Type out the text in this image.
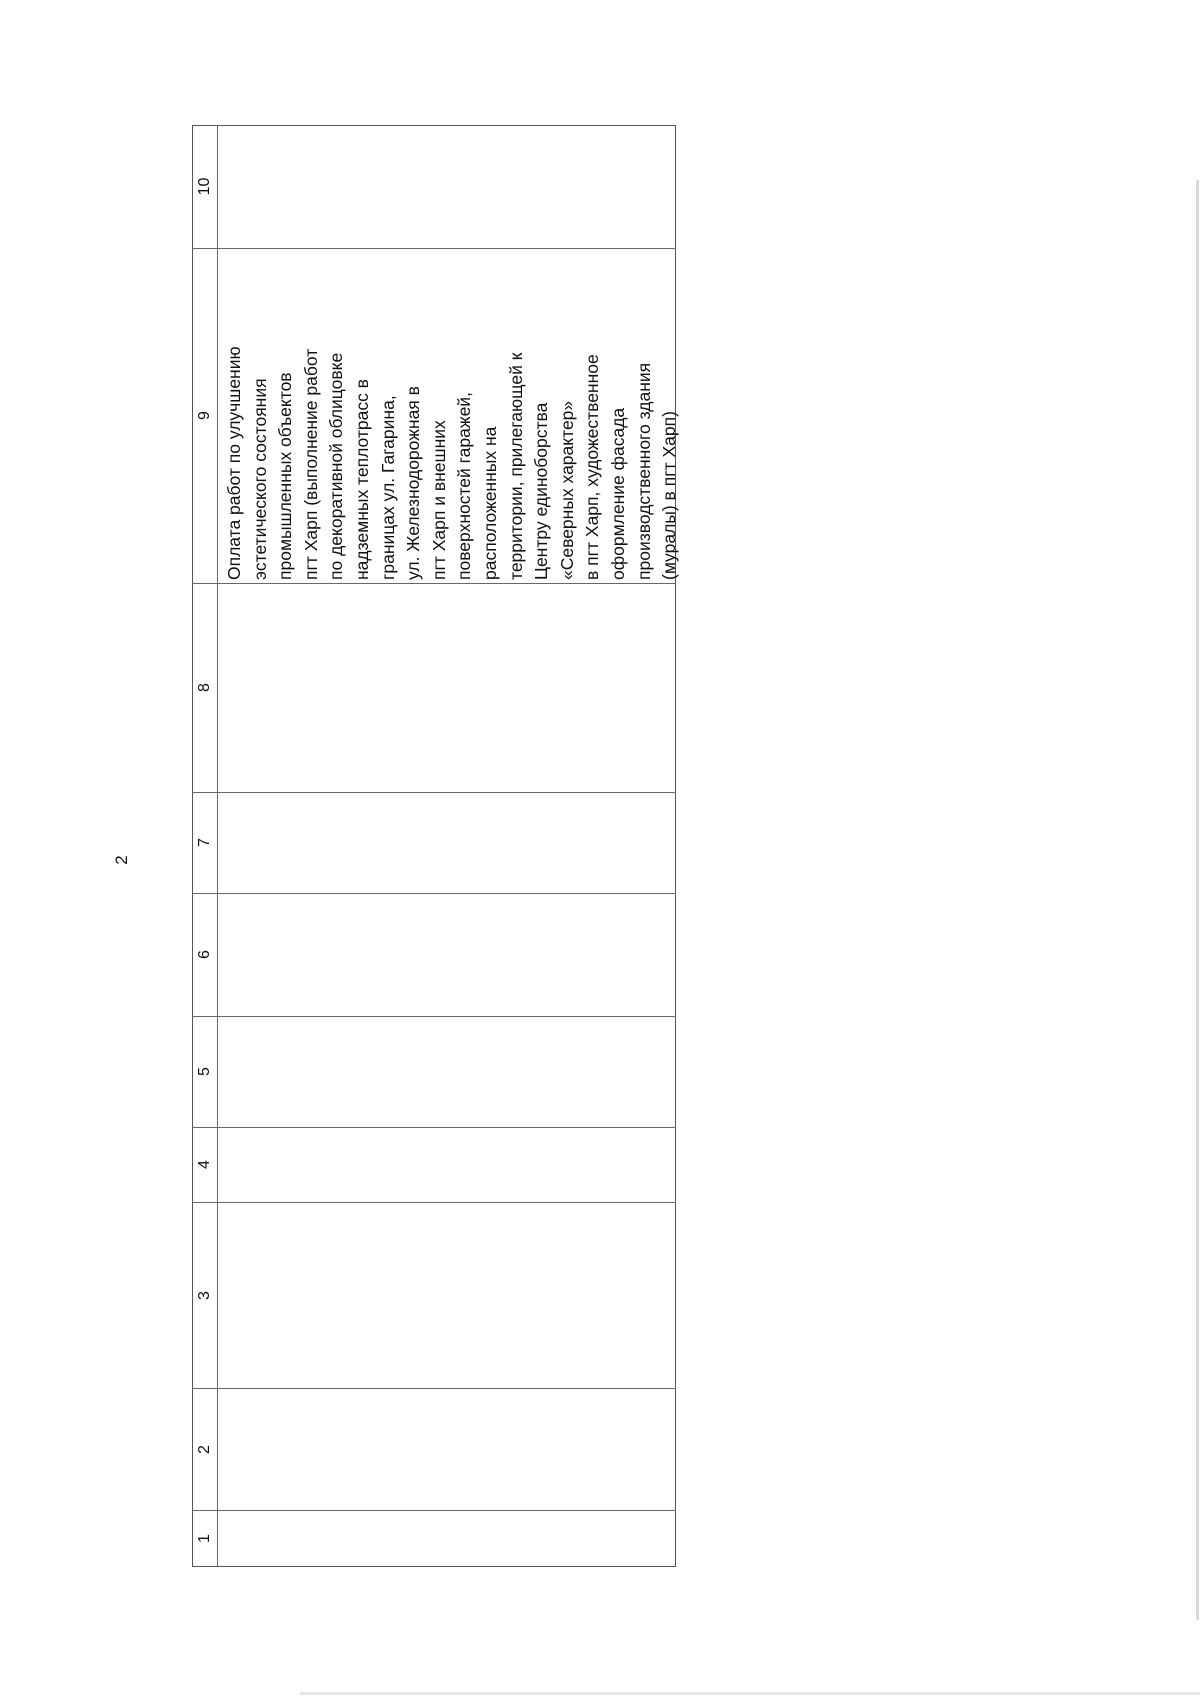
2
10
9
8
7
6
5
4
3
2
1
Оплата работ по улучшению эстетического состояния промышленных объектов пгт Харп (выполнение работ по декоративной облицовке надземных теплотрасс в границах ул. Гагарина, ул. Железнодорожная в пгт Харп и внешних поверхностей гаражей, расположенных на территории, прилегающей к Центру единоборства «Северных характер» в пгт Харп, художественное оформление фасада производственного здания (муралы) в пгт Харп)
